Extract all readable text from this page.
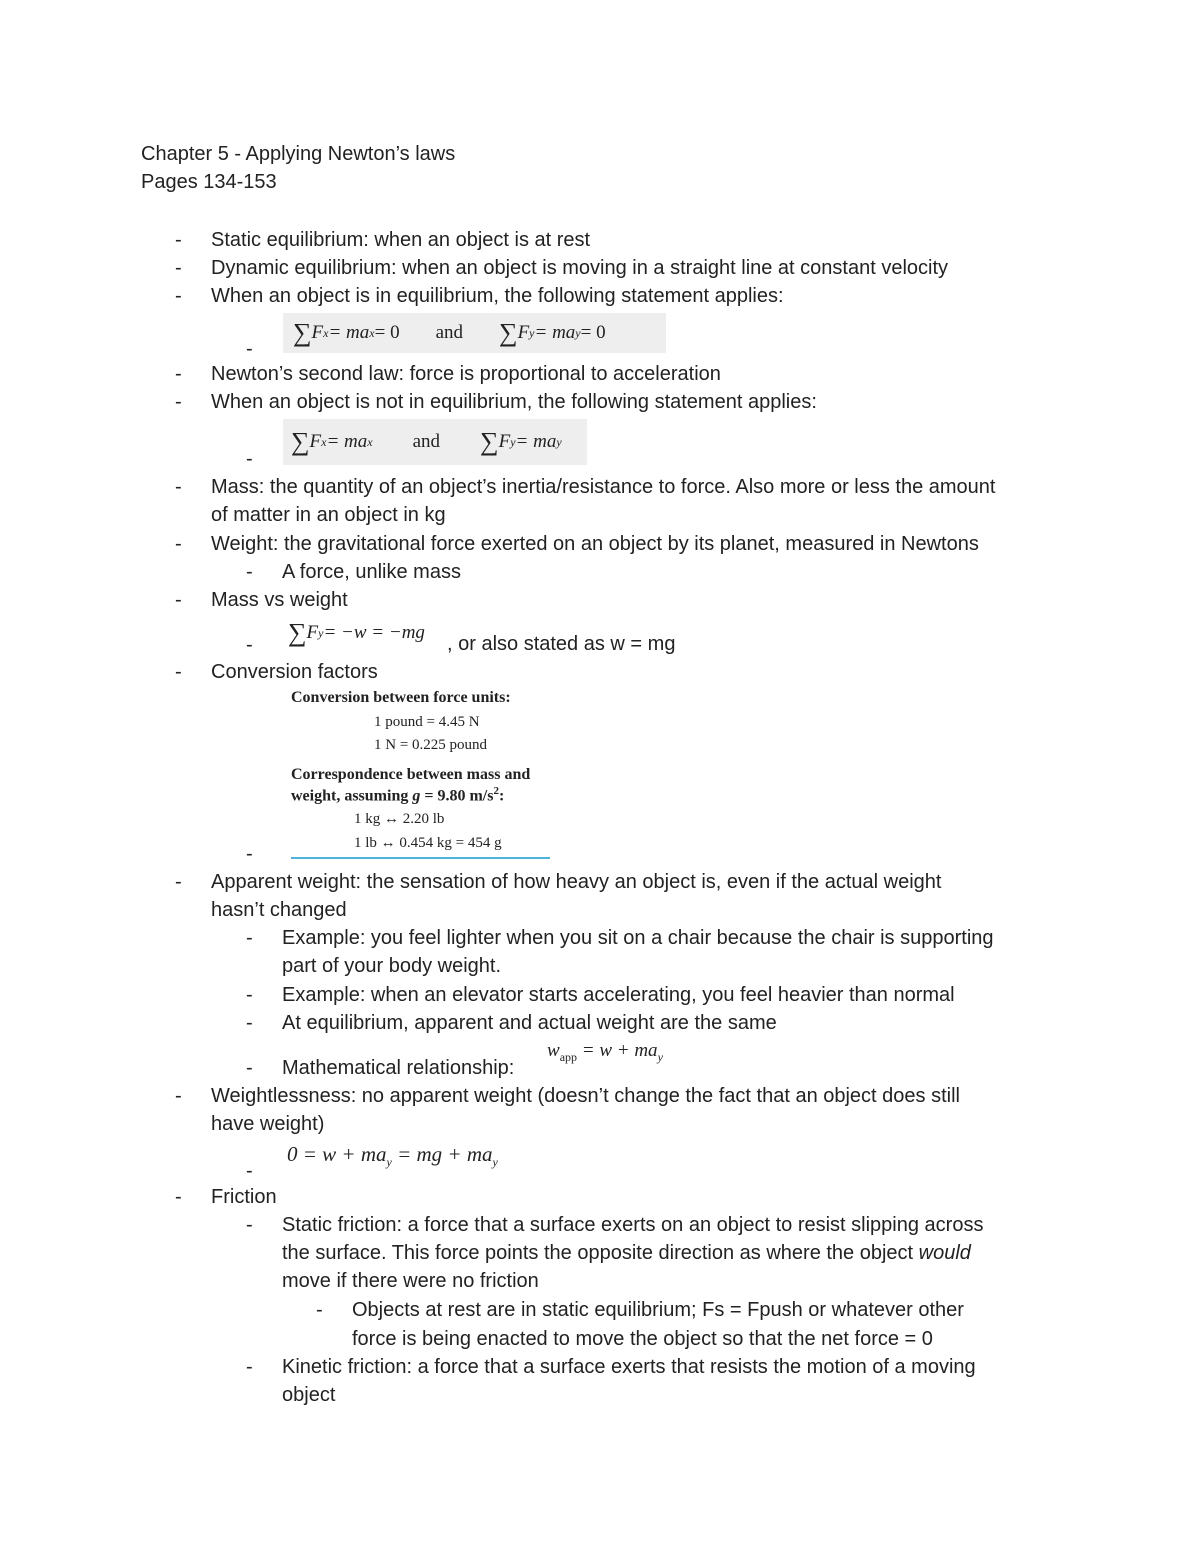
Chapter 5 - Applying Newton’s laws
Pages 134-153
- Static equilibrium: when an object is at rest
- Dynamic equilibrium: when an object is moving in a straight line at constant velocity
- When an object is in equilibrium, the following statement applies:
-
∑ F x = ma x = 0 and ∑ F y = ma y = 0
- Newton’s second law: force is proportional to acceleration
- When an object is not in equilibrium, the following statement applies:
-
∑ F x = ma x and ∑ F y = ma y
- Mass: the quantity of an object’s inertia/resistance to force. Also more or less the amount
of matter in an object in kg
- Weight: the gravitational force exerted on an object by its planet, measured in Newtons
- A force, unlike mass
- Mass vs weight
- ∑ F y = −w = −mg
, or also stated as w = mg
- Conversion factors
Conversion between force units:
1 pound = 4.45 N
1 N = 0.225 pound
Correspondence between mass and
weight, assuming g = 9.80 $m/s^2$:
1 kg ↔ 2.20 lb
1 lb ↔ 0.454 kg = 454 g
-
- Apparent weight: the sensation of how heavy an object is, even if the actual weight
hasn’t changed
- Example: you feel lighter when you sit on a chair because the chair is supporting
part of your body weight.
- Example: when an elevator starts accelerating, you feel heavier than normal
- At equilibrium, apparent and actual weight are the same
- Mathematical relationship:
$w_{app} = w + ma_y$
- Weightlessness: no apparent weight (doesn’t change the fact that an object does still
have weight)
-
$0 = w + ma_y$ = mg + $ma_y$
- Friction
- Static friction: a force that a surface exerts on an object to resist slipping across
the surface. This force points the opposite direction as where the object would
move if there were no friction
- Objects at rest are in static equilibrium; Fs = Fpush or whatever other
force is being enacted to move the object so that the net force = 0
- Kinetic friction: a force that a surface exerts that resists the motion of a moving
object
